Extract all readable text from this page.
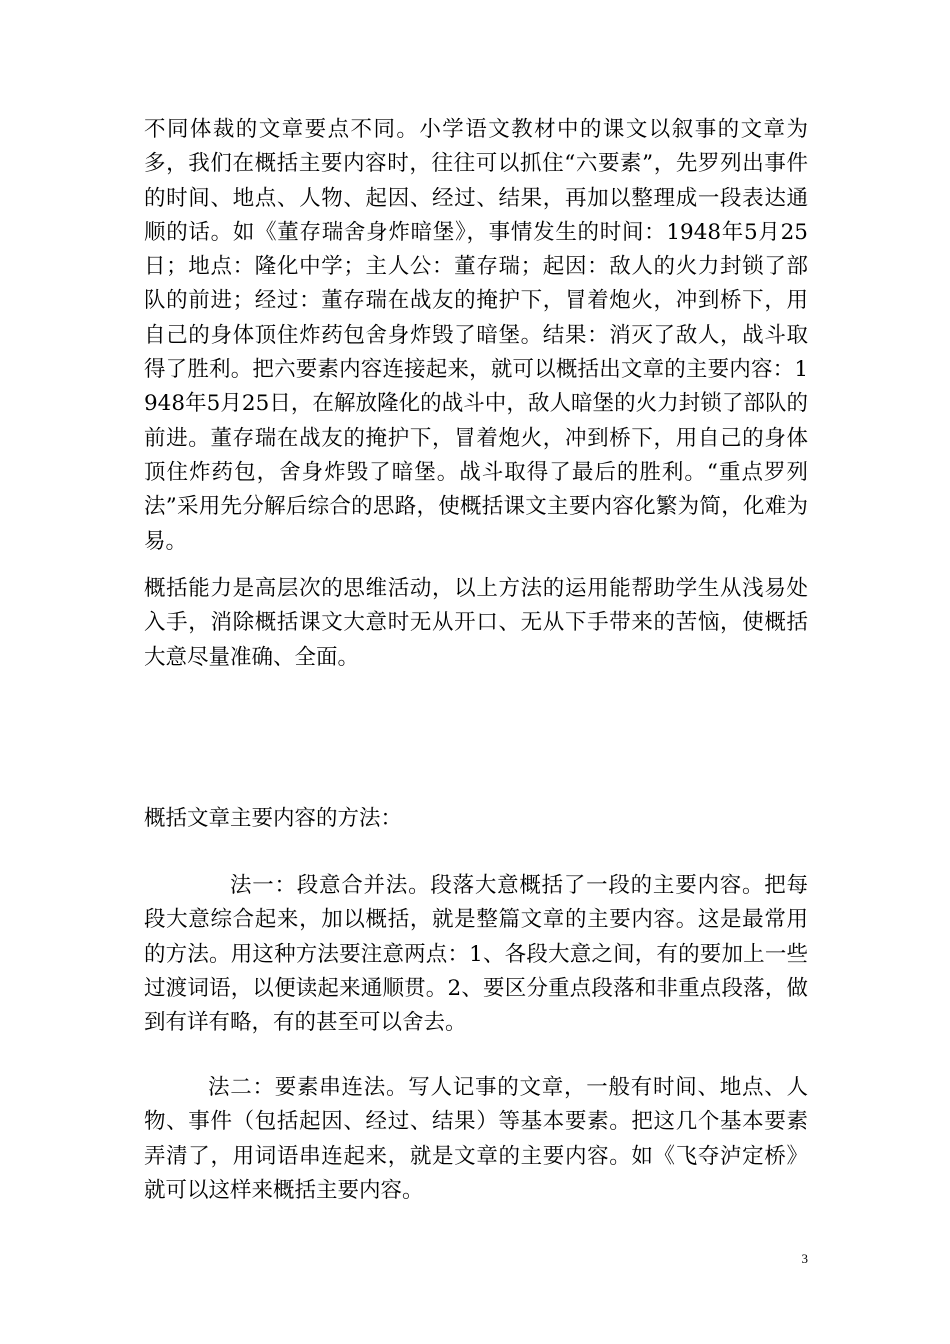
不同体裁的文章要点不同。小学语文教材中的课文以叙事的文章为多，我们在概括主要内容时，往往可以抓住“六要素”，先罗列出事件的时间、地点、人物、起因、经过、结果，再加以整理成一段表达通顺的话。如《董存瑞舍身炸暗堡》，事情发生的时间：1948年5月25日；地点：隆化中学；主人公：董存瑞；起因：敌人的火力封锁了部队的前进；经过：董存瑞在战友的掩护下，冒着炮火，冲到桥下，用自己的身体顶住炸药包舍身炸毁了暗堡。结果：消灭了敌人，战斗取得了胜利。把六要素内容连接起来，就可以概括出文章的主要内容：1948年5月25日，在解放隆化的战斗中，敌人暗堡的火力封锁了部队的前进。董存瑞在战友的掩护下，冒着炮火，冲到桥下，用自己的身体顶住炸药包，舍身炸毁了暗堡。战斗取得了最后的胜利。“重点罗列法”采用先分解后综合的思路，使概括课文主要内容化繁为简，化难为易。

概括能力是高层次的思维活动，以上方法的运用能帮助学生从浅易处入手，消除概括课文大意时无从开口、无从下手带来的苦恼，使概括大意尽量准确、全面。

概括文章主要内容的方法：

法一：段意合并法。段落大意概括了一段的主要内容。把每段大意综合起来，加以概括，就是整篇文章的主要内容。这是最常用的方法。用这种方法要注意两点：1、各段大意之间，有的要加上一些过渡词语，以便读起来通顺贯。2、要区分重点段落和非重点段落，做到有详有略，有的甚至可以舍去。

法二：要素串连法。写人记事的文章，一般有时间、地点、人物、事件（包括起因、经过、结果）等基本要素。把这几个基本要素弄清了，用词语串连起来，就是文章的主要内容。如《飞夺泸定桥》就可以这样来概括主要内容。

3
